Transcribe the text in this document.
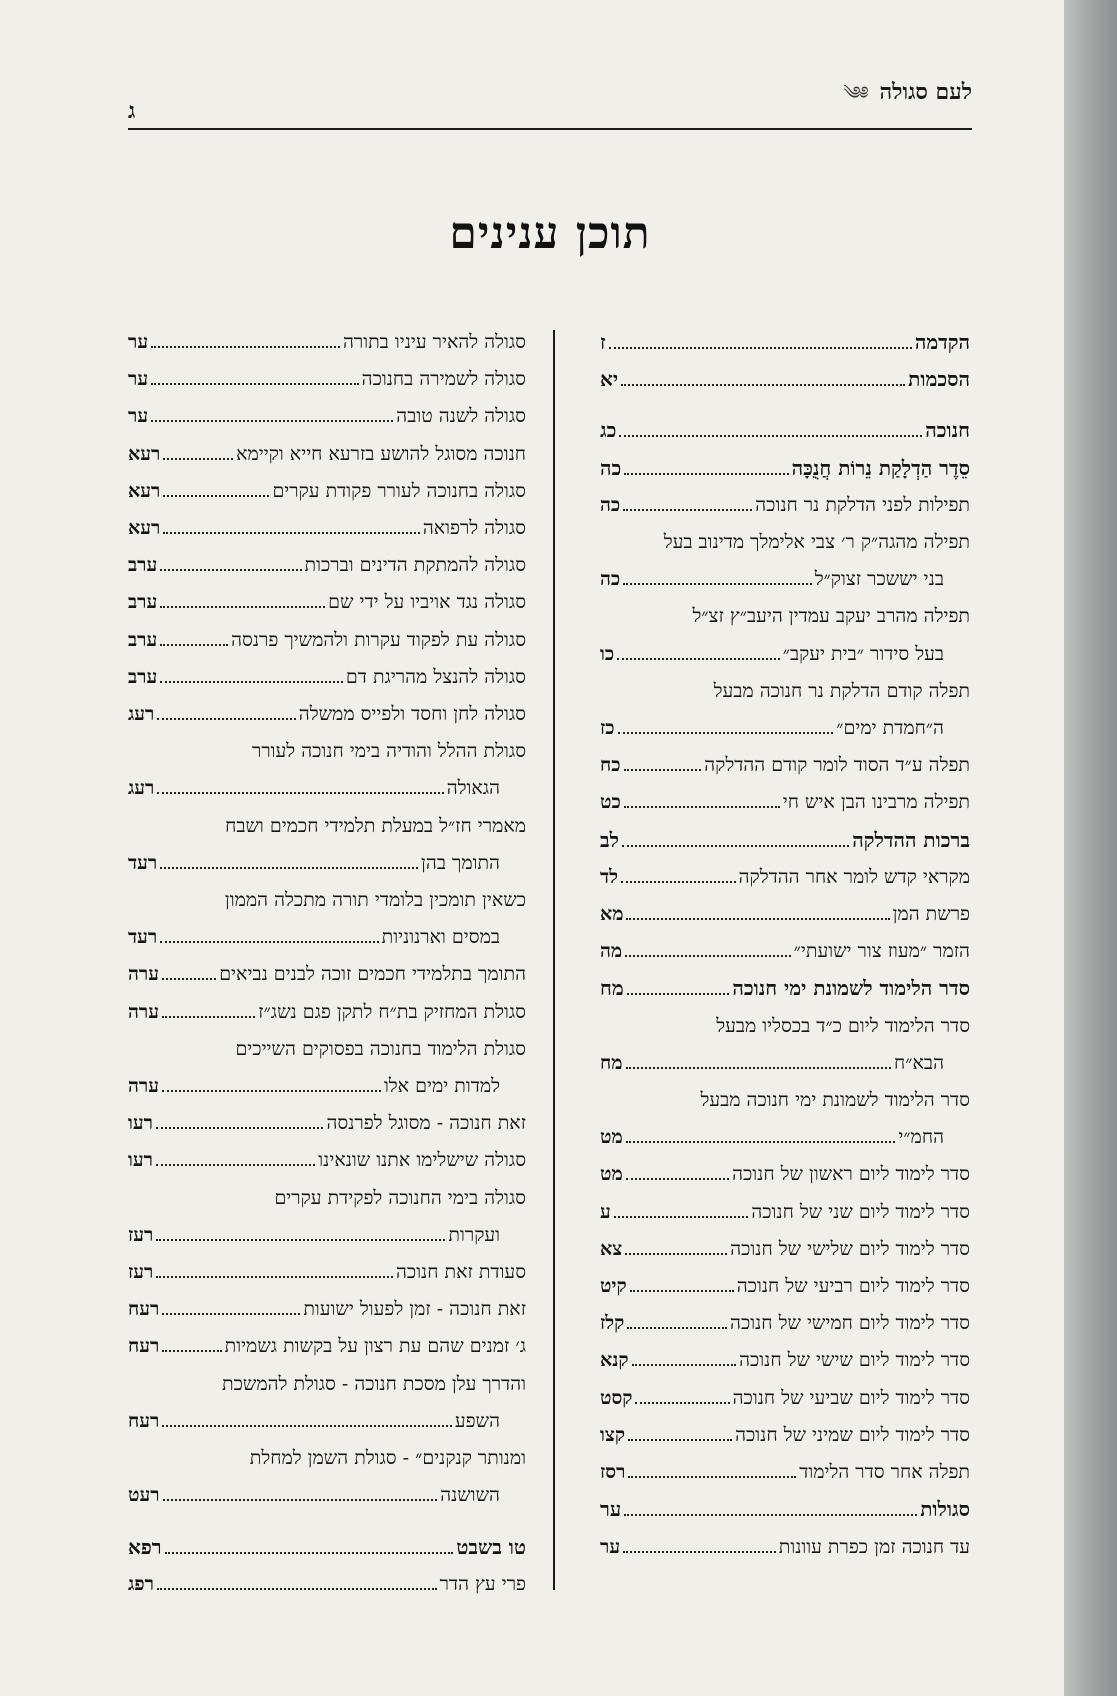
לעם סגולה ༄༅
ג
תוכן ענינים
הקדמה
ז
הסכמות
יא
חנוכה
כג
סֵדֶר הַדְלָקַת נֵרוֹת חֲנֻכָּה
כה
תפילות לפני הדלקת נר חנוכה
כה
תפילה מהגה״ק ר׳ צבי אלימלך מדינוב בעל
בני יששכר זצוק״ל
כה
תפילה מהרב יעקב עמדין היעב״ץ זצ״ל
בעל סידור ״בית יעקב״
כו
תפלה קודם הדלקת נר חנוכה מבעל
ה״חמדת ימים״
כז
תפלה ע״ד הסוד לומר קודם ההדלקה
כח
תפילה מרבינו הבן איש חי
כט
ברכות ההדלקה
לב
מקראי קדש לומר אחר ההדלקה
לד
פרשת המן
מא
הזמר ״מעוז צור ישועתי״
מה
סדר הלימוד לשמונת ימי חנוכה
מח
סדר הלימוד ליום כ״ד בכסליו מבעל
הבא״ח
מח
סדר הלימוד לשמונת ימי חנוכה מבעל
החמ״י
מט
סדר לימוד ליום ראשון של חנוכה
מט
סדר לימוד ליום שני של חנוכה
ע
סדר לימוד ליום שלישי של חנוכה
צא
סדר לימוד ליום רביעי של חנוכה
קיט
סדר לימוד ליום חמישי של חנוכה
קלז
סדר לימוד ליום שישי של חנוכה
קנא
סדר לימוד ליום שביעי של חנוכה
קסט
סדר לימוד ליום שמיני של חנוכה
קצו
תפלה אחר סדר הלימוד
רסז
סגולות
ער
עד חנוכה זמן כפרת עוונות
ער
סגולה להאיר עיניו בתורה
ער
סגולה לשמירה בחנוכה
ער
סגולה לשנה טובה
ער
חנוכה מסוגל להושע בזרעא חייא וקיימא
רעא
סגולה בחנוכה לעורר פקודת עקרים
רעא
סגולה לרפואה
רעא
סגולה להמתקת הדינים וברכות
ערב
סגולה נגד אויביו על ידי שם
ערב
סגולה עת לפקוד עקרות ולהמשיך פרנסה
ערב
סגולה להנצל מהריגת דם
ערב
סגולה לחן וחסד ולפייס ממשלה
רעג
סגולת ההלל והודיה בימי חנוכה לעורר
הגאולה
רעג
מאמרי חז״ל במעלת תלמידי חכמים ושבח
התומך בהן
רעד
כשאין תומכין בלומדי תורה מתכלה הממון
במסים וארנוניות
רעד
התומך בתלמידי חכמים זוכה לבנים נביאים
ערה
סגולת המחזיק בת״ח לתקן פגם נשג״ז
ערה
סגולת הלימוד בחנוכה בפסוקים השייכים
למדות ימים אלו
ערה
זאת חנוכה - מסוגל לפרנסה
רעו
סגולה שישלימו אתנו שונאינו
רעו
סגולה בימי החנוכה לפקידת עקרים
ועקרות
רעז
סעודת זאת חנוכה
רעז
זאת חנוכה - זמן לפעול ישועות
רעח
ג׳ זמנים שהם עת רצון על בקשות גשמיות
רעח
והדרך עלן מסכת חנוכה - סגולת להמשכת
השפע
רעח
ומנותר קנקנים״ - סגולת השמן למחלת
השושנה
רעט
טו בשבט
רפא
פרי עץ הדר
רפג
